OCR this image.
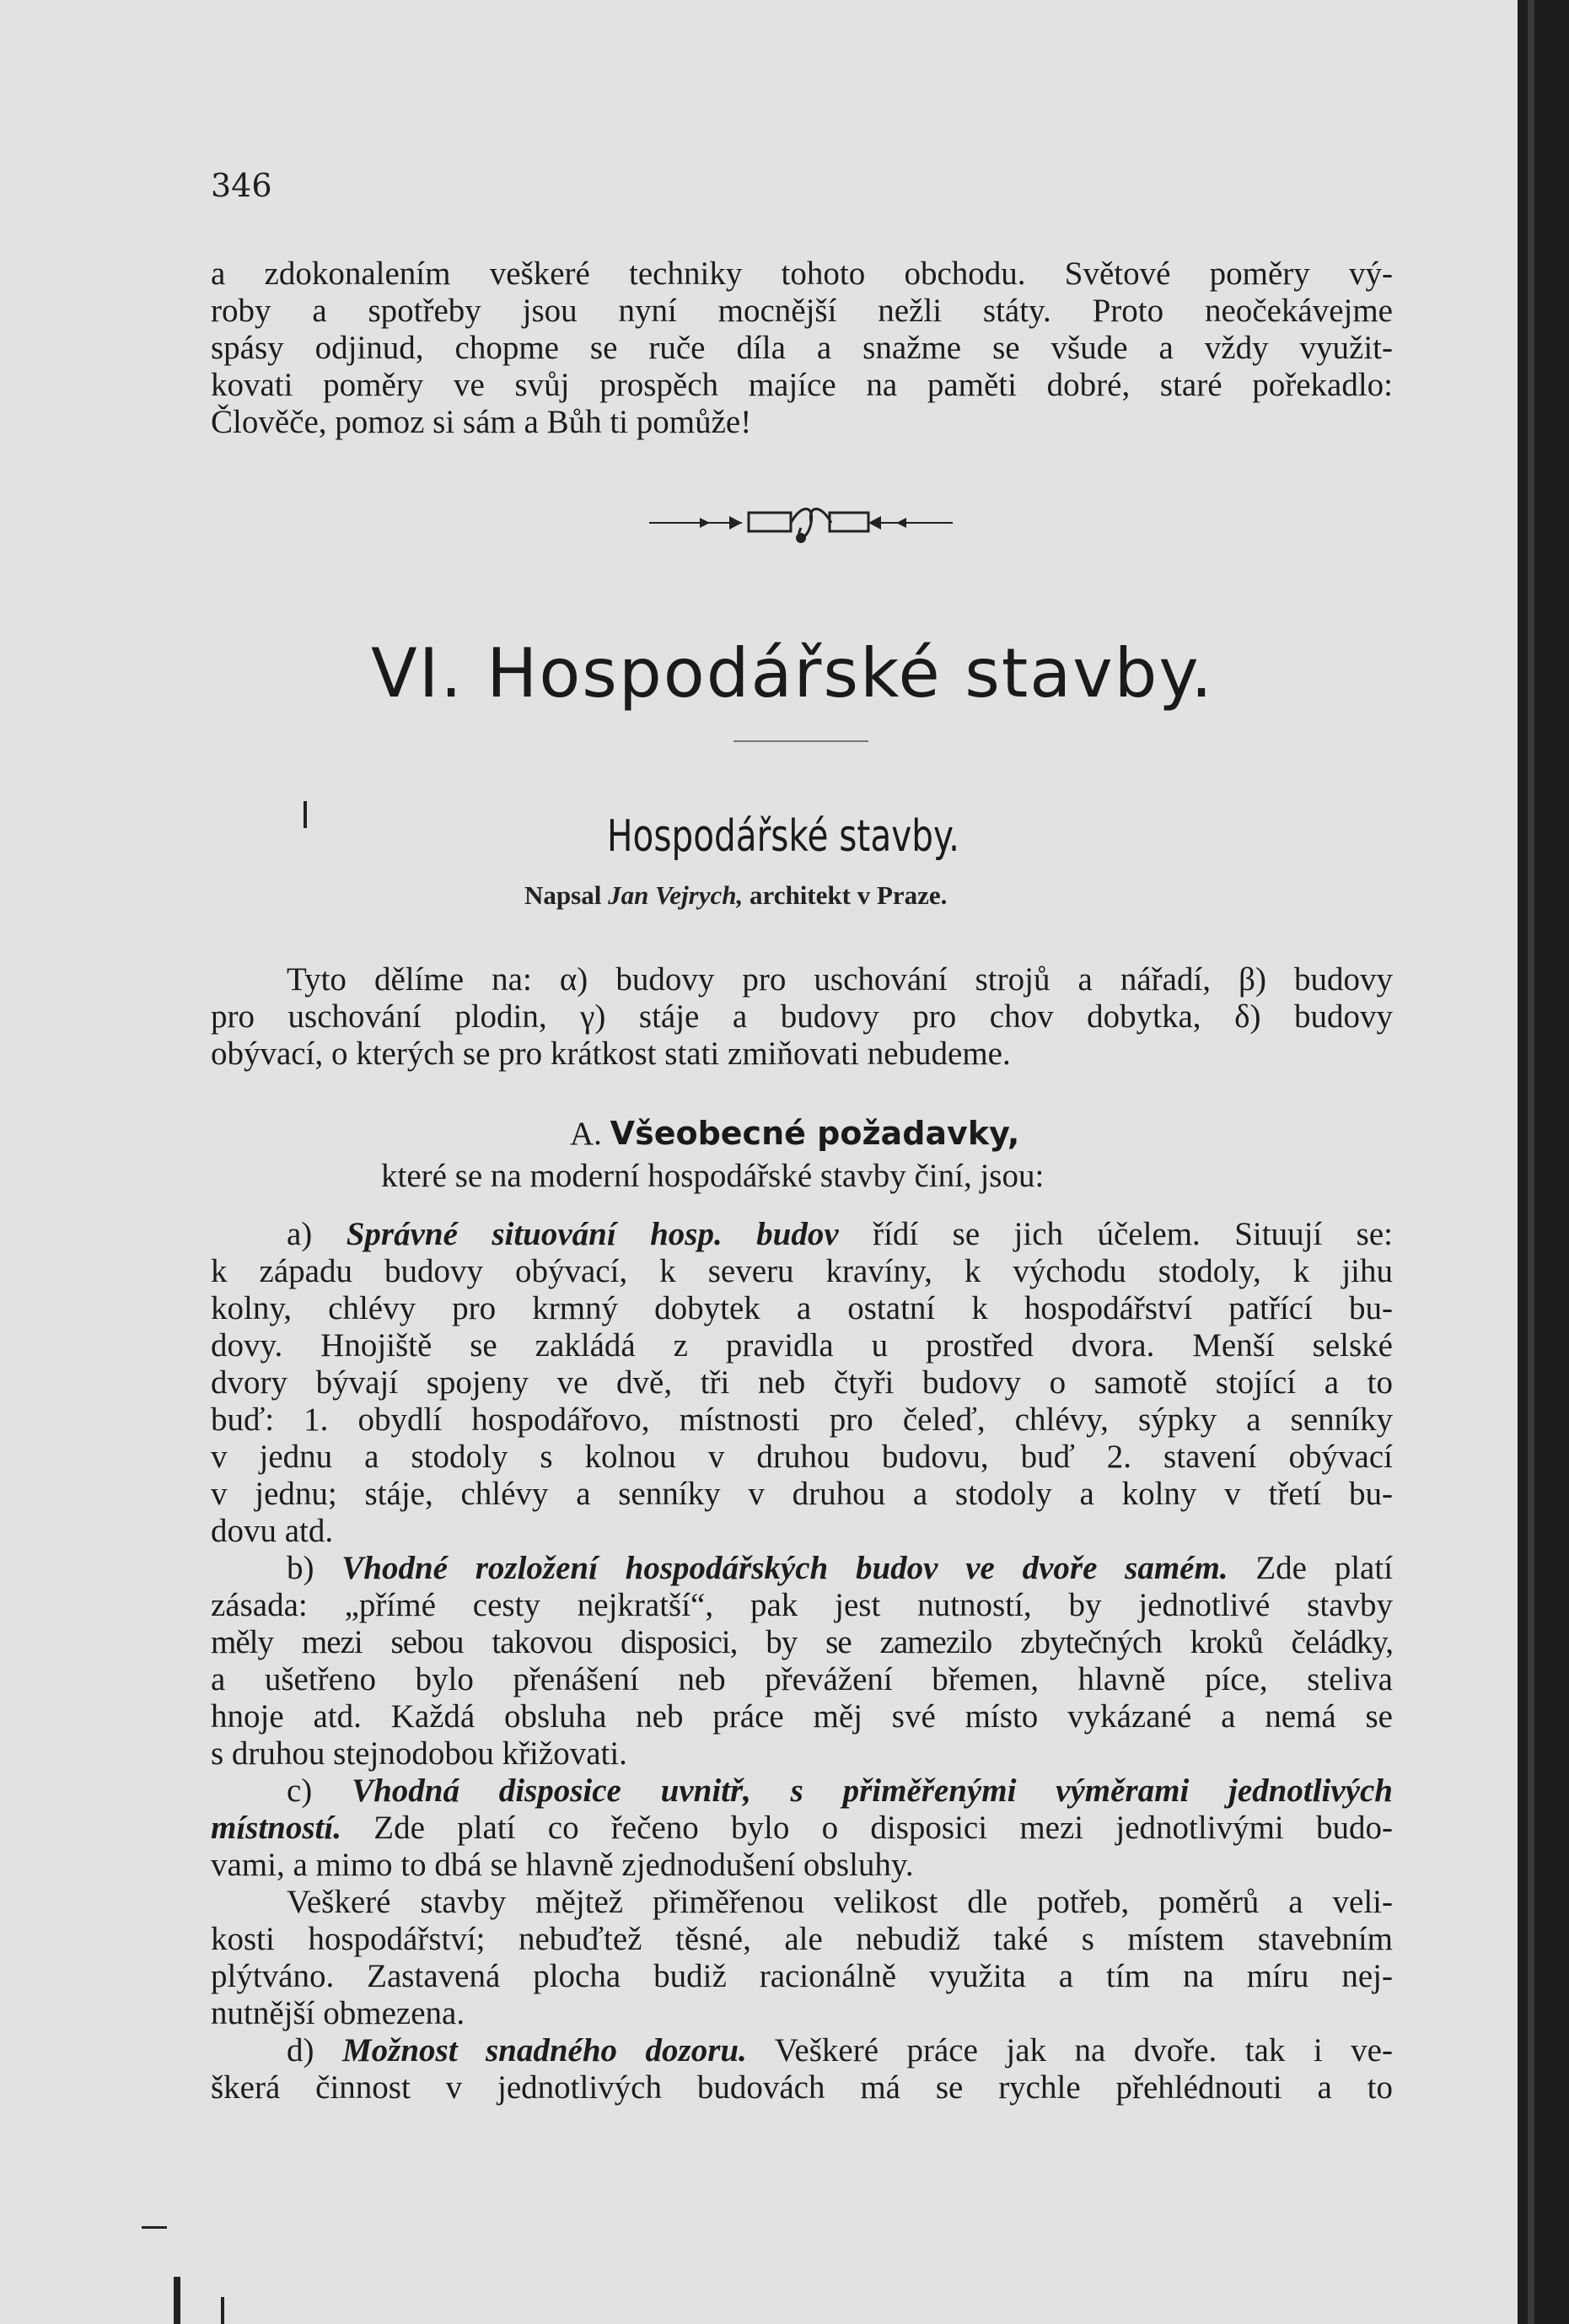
346
a zdokonalením veškeré techniky tohoto obchodu. Světové poměry vý-
roby a spotřeby jsou nyní mocnější nežli státy. Proto neočekávejme
spásy odjinud, chopme se ruče díla a snažme se všude a vždy využit-
kovati poměry ve svůj prospěch majíce na paměti dobré, staré pořekadlo:
Člověče, pomoz si sám a Bůh ti pomůže!
VI. Hospodářské stavby.
Hospodářské stavby.
Napsal Jan Vejrych, architekt v Praze.
Tyto dělíme na: α) budovy pro uschování strojů a nářadí, β) budovy
pro uschování plodin, γ) stáje a budovy pro chov dobytka, δ) budovy
obývací, o kterých se pro krátkost stati zmiňovati nebudeme.
A. Všeobecné požadavky,
které se na moderní hospodářské stavby činí, jsou:
a) Správné situování hosp. budov řídí se jich účelem. Situují se:
k západu budovy obývací, k severu kravíny, k východu stodoly, k jihu
kolny, chlévy pro krmný dobytek a ostatní k hospodářství patřící bu-
dovy. Hnojiště se zakládá z pravidla u prostřed dvora. Menší selské
dvory bývají spojeny ve dvě, tři neb čtyři budovy o samotě stojící a to
buď: 1. obydlí hospodářovo, místnosti pro čeleď, chlévy, sýpky a senníky
v jednu a stodoly s kolnou v druhou budovu, buď 2. stavení obývací
v jednu; stáje, chlévy a senníky v druhou a stodoly a kolny v třetí bu-
dovu atd.
b) Vhodné rozložení hospodářských budov ve dvoře samém. Zde platí
zásada: „přímé cesty nejkratší“, pak jest nutností, by jednotlivé stavby
měly mezi sebou takovou disposici, by se zamezilo zbytečných kroků čeládky,
a ušetřeno bylo přenášení neb převážení břemen, hlavně píce, steliva
hnoje atd. Každá obsluha neb práce měj své místo vykázané a nemá se
s druhou stejnodobou křižovati.
c) Vhodná disposice uvnitř, s přiměřenými výměrami jednotlivých
místností. Zde platí co řečeno bylo o disposici mezi jednotlivými budo-
vami, a mimo to dbá se hlavně zjednodušení obsluhy.
Veškeré stavby mějtež přiměřenou velikost dle potřeb, poměrů a veli-
kosti hospodářství; nebuďtež těsné, ale nebudiž také s místem stavebním
plýtváno. Zastavená plocha budiž racionálně využita a tím na míru nej-
nutnější obmezena.
d) Možnost snadného dozoru. Veškeré práce jak na dvoře. tak i ve-
škerá činnost v jednotlivých budovách má se rychle přehlédnouti a to
